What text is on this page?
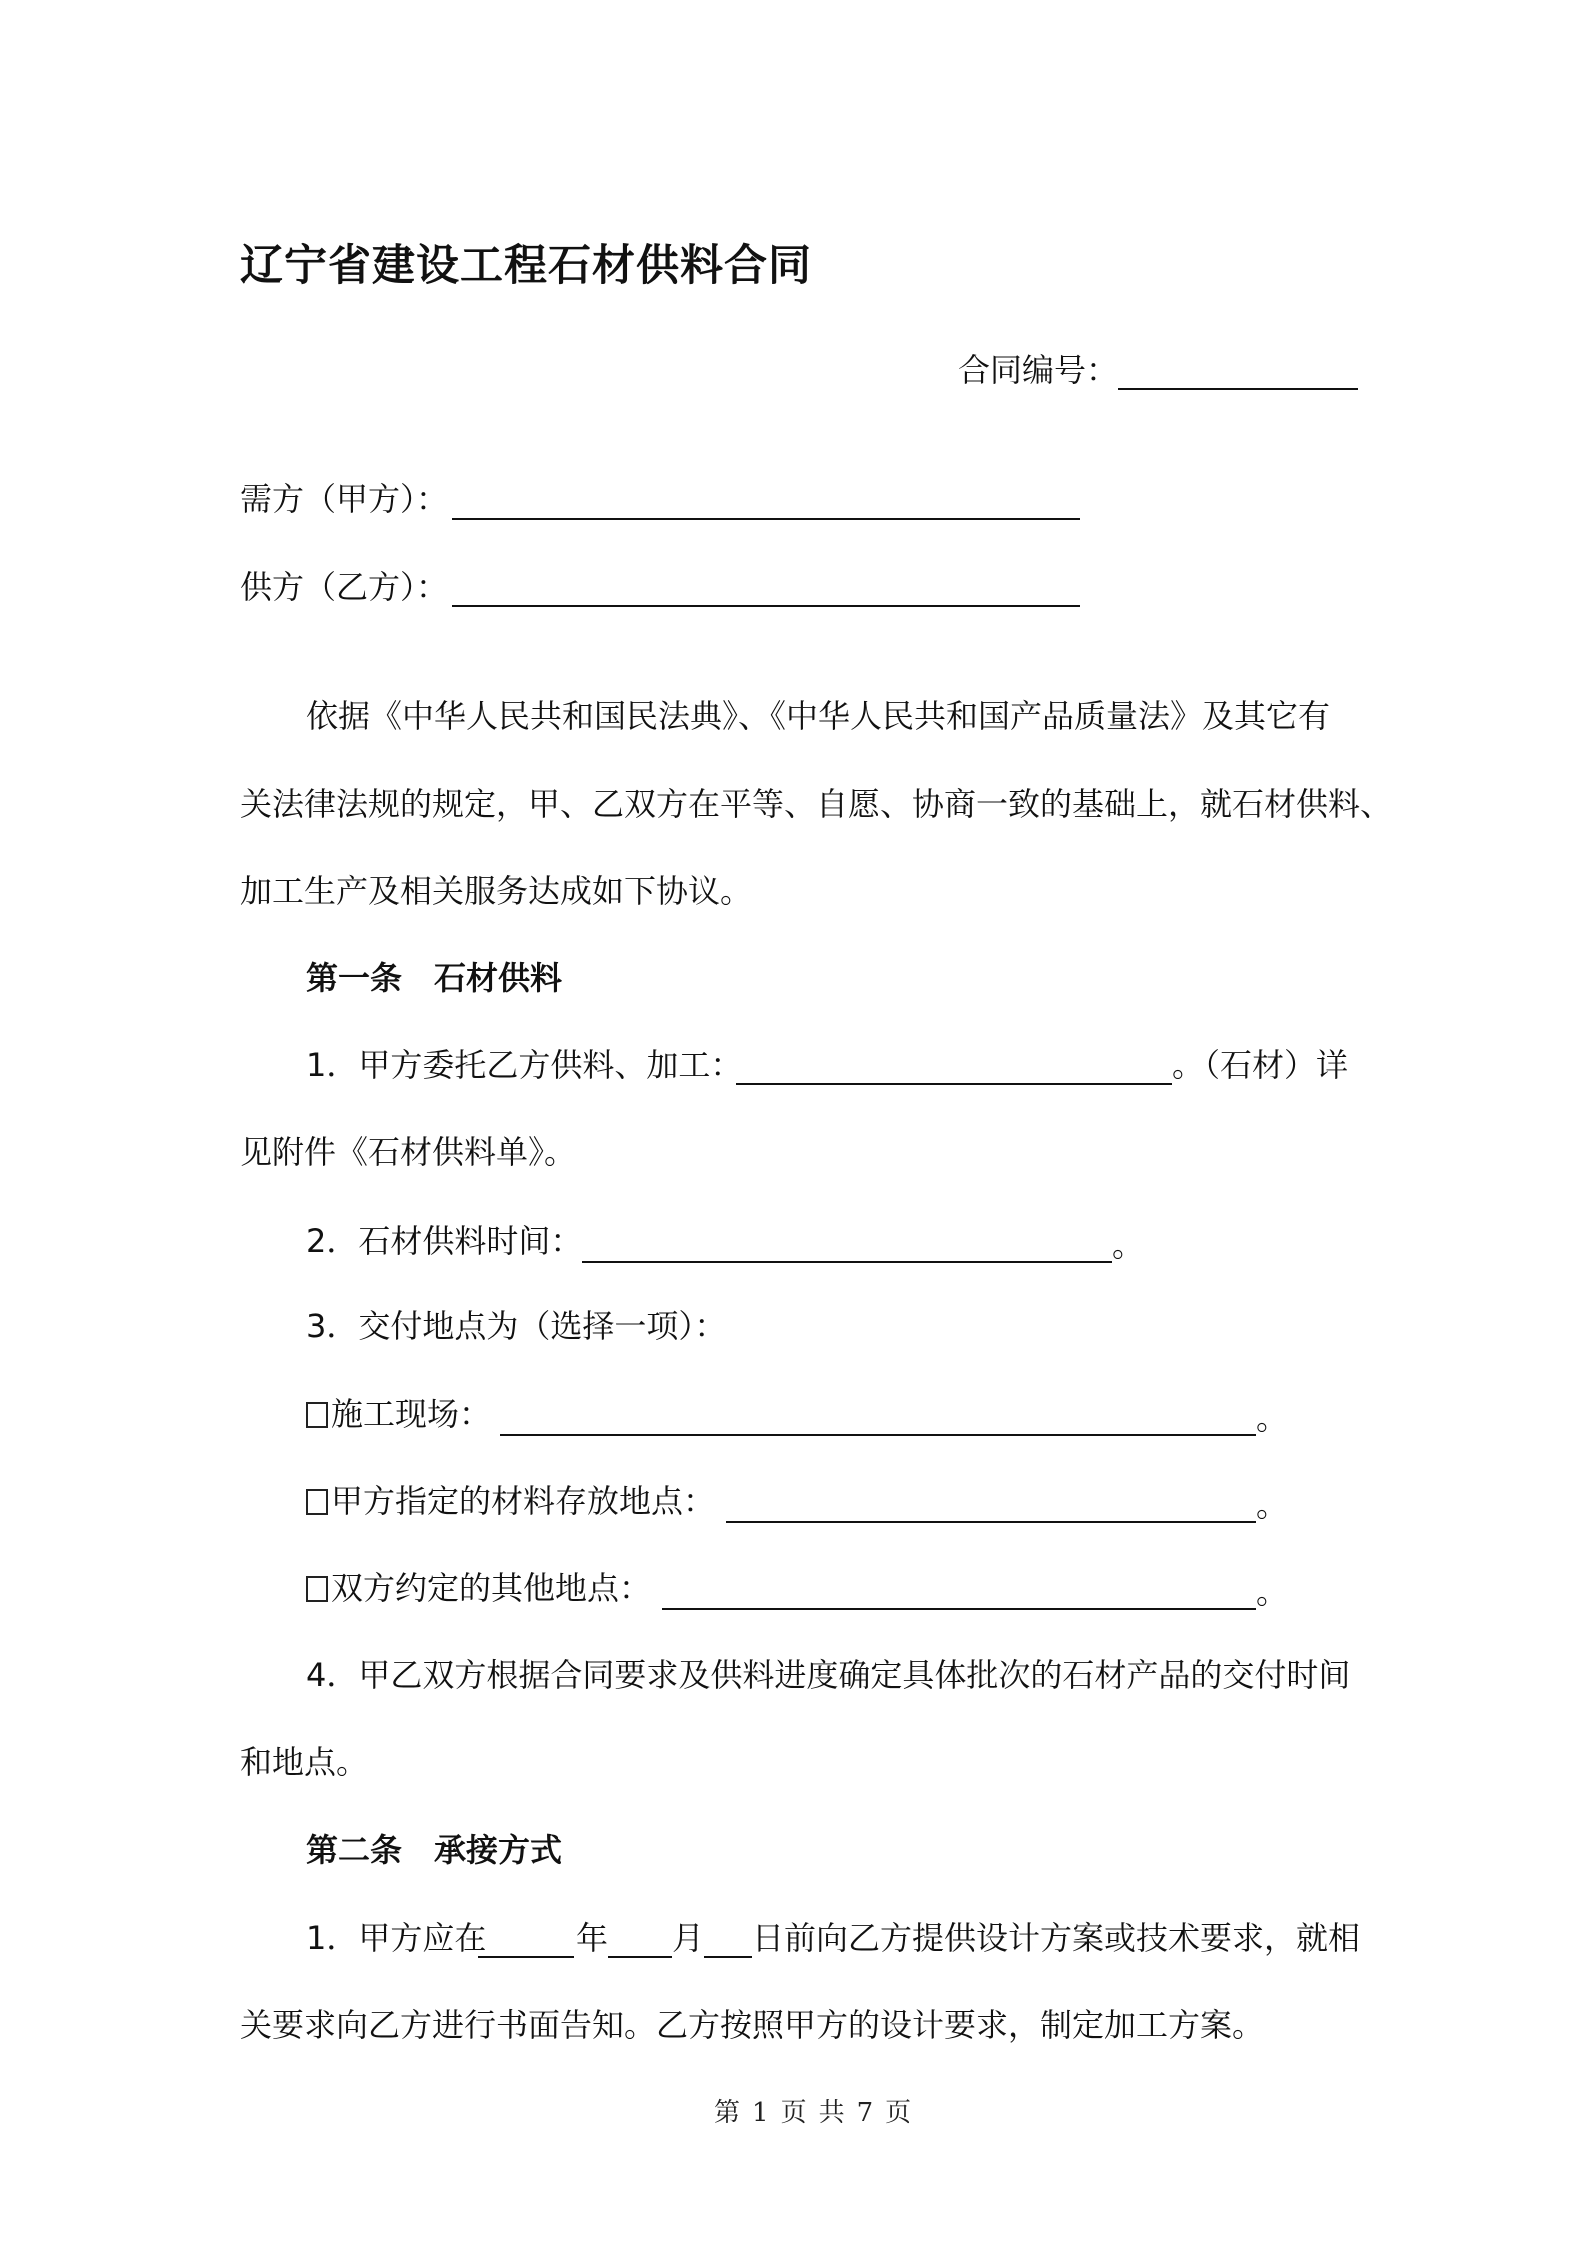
辽宁省建设工程石材供料合同
合同编号：
需方（甲方）：
供方（乙方）：
依据《中华人民共和国民法典》、《中华人民共和国产品质量法》及其它有
关法律法规的规定，甲、乙双方在平等、自愿、协商一致的基础上，就石材供料、
加工生产及相关服务达成如下协议。
第一条　石材供料
1．甲方委托乙方供料、加工：	。（石材）详
见附件《石材供料单》。
2．石材供料时间：	。
3．交付地点为（选择一项）：
施工现场：	。
甲方指定的材料存放地点：	。
双方约定的其他地点：	。
4．甲乙双方根据合同要求及供料进度确定具体批次的石材产品的交付时间
和地点。
第二条　承接方式
1．甲方应在	年 月 日前向乙方提供设计方案或技术要求，就相
关要求向乙方进行书面告知。乙方按照甲方的设计要求，制定加工方案。
第 1 页 共 7 页
